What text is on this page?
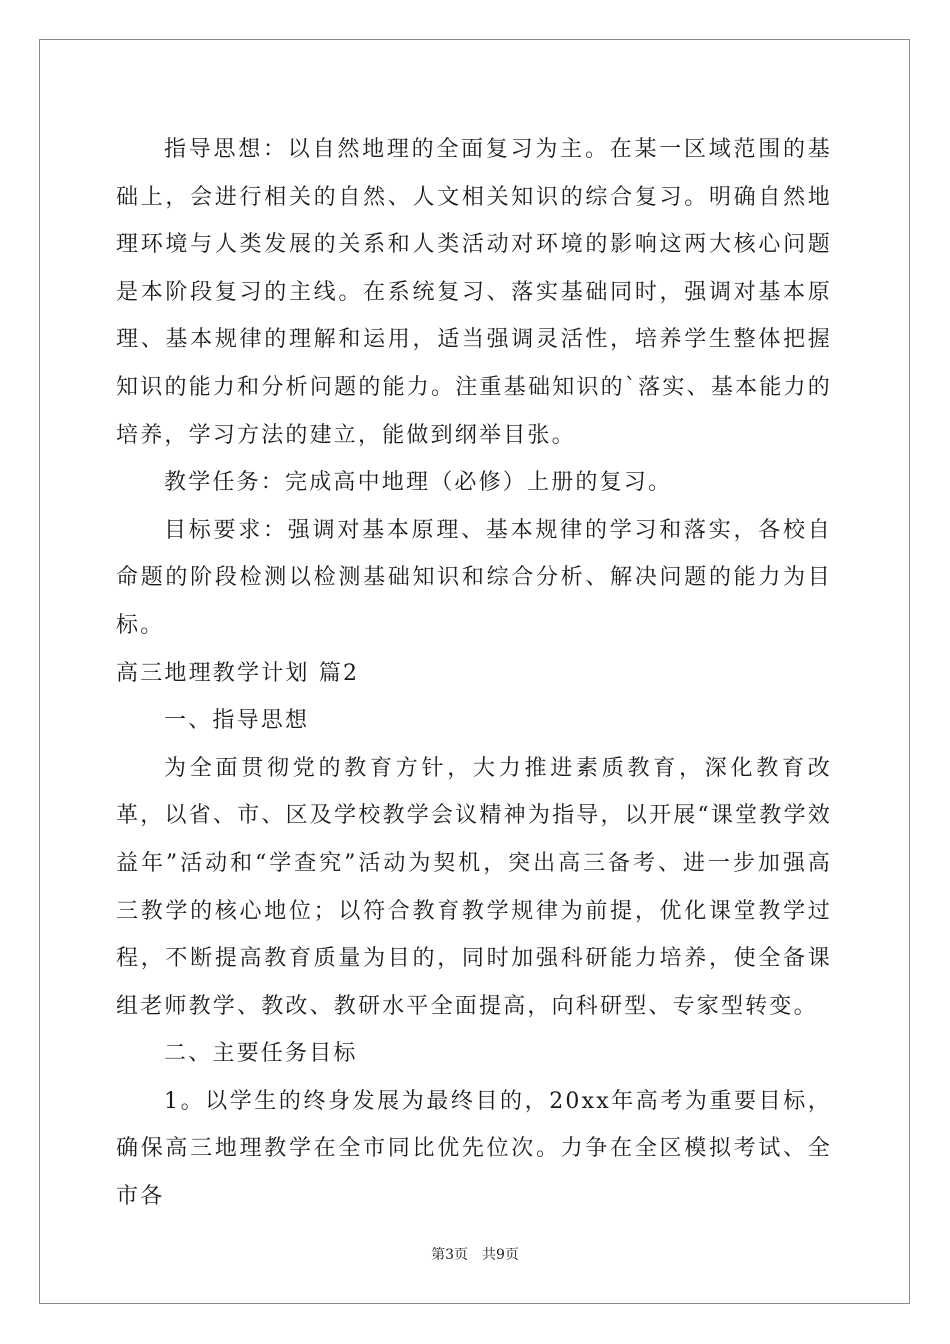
指导思想：以自然地理的全面复习为主。在某一区域范围的基础上，会进行相关的自然、人文相关知识的综合复习。明确自然地理环境与人类发展的关系和人类活动对环境的影响这两大核心问题是本阶段复习的主线。在系统复习、落实基础同时，强调对基本原理、基本规律的理解和运用，适当强调灵活性，培养学生整体把握知识的能力和分析问题的能力。注重基础知识的`落实、基本能力的培养，学习方法的建立，能做到纲举目张。

教学任务：完成高中地理（必修）上册的复习。

目标要求：强调对基本原理、基本规律的学习和落实，各校自命题的阶段检测以检测基础知识和综合分析、解决问题的能力为目标。

高三地理教学计划 篇2

一、指导思想

为全面贯彻党的教育方针，大力推进素质教育，深化教育改革，以省、市、区及学校教学会议精神为指导，以开展“课堂教学效益年”活动和“学查究”活动为契机，突出高三备考、进一步加强高三教学的核心地位；以符合教育教学规律为前提，优化课堂教学过程，不断提高教育质量为目的，同时加强科研能力培养，使全备课组老师教学、教改、教研水平全面提高，向科研型、专家型转变。

二、主要任务目标

1。以学生的终身发展为最终目的，20xx年高考为重要目标，确保高三地理教学在全市同比优先位次。力争在全区模拟考试、全市各

第3页 共9页
